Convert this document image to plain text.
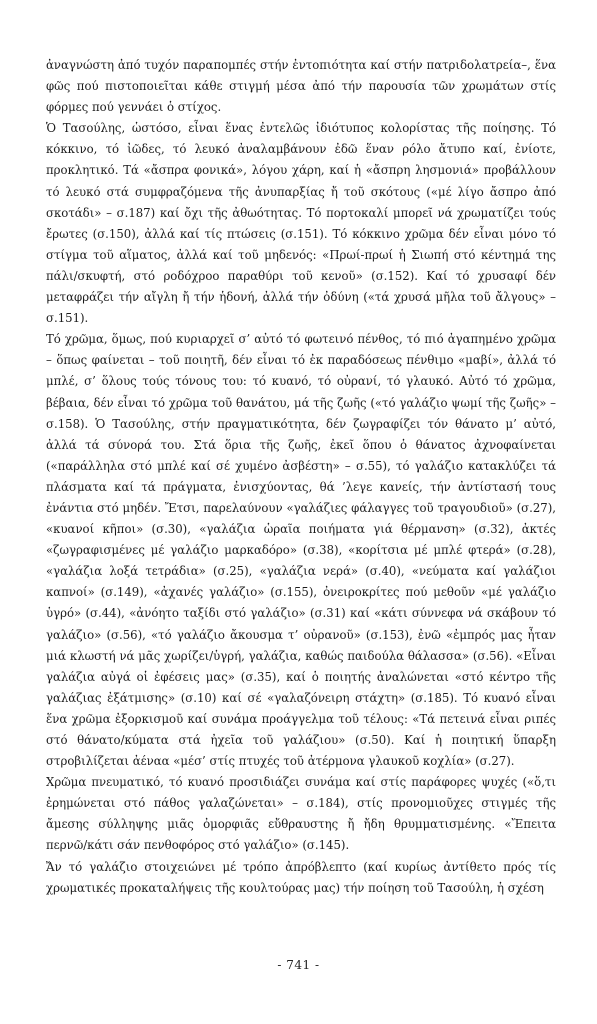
ἀναγνώστη ἀπό τυχόν παραπομπές στήν ἐντοπιότητα καί στήν πατριδολατρεία–, ἕνα φῶς πού πιστοποιεῖται κάθε στιγμή μέσα ἀπό τήν παρουσία τῶν χρωμάτων στίς φόρμες πού γεννάει ὁ στίχος.

Ὁ Τασούλης, ὡστόσο, εἶναι ἕνας ἐντελῶς ἰδιότυπος κολορίστας τῆς ποίησης. Τό κόκκινο, τό ἰῶδες, τό λευκό ἀναλαμβάνουν ἐδῶ ἕναν ρόλο ἄτυπο καί, ἐνίοτε, προκλητικό. Τά «ἄσπρα φονικά», λόγου χάρη, καί ἡ «ἄσπρη λησμονιά» προβάλλουν τό λευκό στά συμφραζόμενα τῆς ἀνυπαρξίας ἤ τοῦ σκότους («μέ λίγο ἄσπρο ἀπό σκοτάδι» – σ.187) καί ὄχι τῆς ἀθωότητας. Τό πορτοκαλί μπορεῖ νά χρωματίζει τούς ἔρωτες (σ.150), ἀλλά καί τίς πτώσεις (σ.151). Τό κόκκινο χρῶμα δέν εἶναι μόνο τό στίγμα τοῦ αἵματος, ἀλλά καί τοῦ μηδενός: «Πρωί-πρωί ἡ Σιωπή στό κέντημά της πάλι/σκυφτή, στό ροδόχροο παραθύρι τοῦ κενοῦ» (σ.152). Καί τό χρυσαφί δέν μεταφράζει τήν αἴγλη ἤ τήν ἡδονή, ἀλλά τήν ὀδύνη («τά χρυσά μῆλα τοῦ ἄλγους» – σ.151).

Τό χρῶμα, ὅμως, πού κυριαρχεῖ σ’ αὐτό τό φωτεινό πένθος, τό πιό ἀγαπημένο χρῶμα – ὅπως φαίνεται – τοῦ ποιητῆ, δέν εἶναι τό ἐκ παραδόσεως πένθιμο «μαβί», ἀλλά τό μπλέ, σ’ ὅλους τούς τόνους του: τό κυανό, τό οὐρανί, τό γλαυκό. Αὐτό τό χρῶμα, βέβαια, δέν εἶναι τό χρῶμα τοῦ θανάτου, μά τῆς ζωῆς («τό γαλάζιο ψωμί τῆς ζωῆς» – σ.158). Ὁ Τασούλης, στήν πραγματικότητα, δέν ζωγραφίζει τόν θάνατο μ’ αὐτό, ἀλλά τά σύνορά του. Στά ὅρια τῆς ζωῆς, ἐκεῖ ὅπου ὁ θάνατος ἀχνοφαίνεται («παράλληλα στό μπλέ καί σέ χυμένο ἀσβέστη» – σ.55), τό γαλάζιο κατακλύζει τά πλάσματα καί τά πράγματα, ἐνισχύοντας, θά ’λεγε κανείς, τήν ἀντίστασή τους ἐνάντια στό μηδέν. Ἔτσι, παρελαύνουν «γαλάζιες φάλαγγες τοῦ τραγουδιοῦ» (σ.27), «κυανοί κῆποι» (σ.30), «γαλάζια ὡραῖα ποιήματα γιά θέρμανση» (σ.32), ἀκτές «ζωγραφισμένες μέ γαλάζιο μαρκαδόρο» (σ.38), «κορίτσια μέ μπλέ φτερά» (σ.28), «γαλάζια λοξά τετράδια» (σ.25), «γαλάζια νερά» (σ.40), «νεύματα καί γαλάζιοι καπνοί» (σ.149), «ἀχανές γαλάζιο» (σ.155), ὀνειροκρίτες πού μεθοῦν «μέ γαλάζιο ὑγρό» (σ.44), «ἀνόητο ταξίδι στό γαλάζιο» (σ.31) καί «κάτι σύννεφα νά σκάβουν τό γαλάζιο» (σ.56), «τό γαλάζιο ἄκουσμα τ’ οὐρανοῦ» (σ.153), ἐνῶ «ἐμπρός μας ἦταν μιά κλωστή νά μᾶς χωρίζει/ὑγρή, γαλάζια, καθώς παιδούλα θάλασσα» (σ.56). «Εἶναι γαλάζια αὐγά οἱ ἐφέσεις μας» (σ.35), καί ὁ ποιητής ἀναλώνεται «στό κέντρο τῆς γαλάζιας ἐξάτμισης» (σ.10) καί σέ «γαλαζόνειρη στάχτη» (σ.185). Τό κυανό εἶναι ἕνα χρῶμα ἐξορκισμοῦ καί συνάμα προάγγελμα τοῦ τέλους: «Τά πετεινά εἶναι ριπές στό θάνατο/κύματα στά ἠχεῖα τοῦ γαλάζιου» (σ.50). Καί ἡ ποιητική ὕπαρξη στροβιλίζεται ἀέναα «μέσ’ στίς πτυχές τοῦ ἀτέρμονα γλαυκοῦ κοχλία» (σ.27).

Χρῶμα πνευματικό, τό κυανό προσιδιάζει συνάμα καί στίς παράφορες ψυχές («ὅ,τι ἐρημώνεται στό πάθος γαλαζώνεται» – σ.184), στίς προνομιοῦχες στιγμές τῆς ἄμεσης σύλληψης μιᾶς ὀμορφιᾶς εὔθραυστης ἤ ἤδη θρυμματισμένης. «Ἔπειτα περνῶ/κάτι σάν πενθοφόρος στό γαλάζιο» (σ.145).

Ἄν τό γαλάζιο στοιχειώνει μέ τρόπο ἀπρόβλεπτο (καί κυρίως ἀντίθετο πρός τίς χρωματικές προκαταλήψεις τῆς κουλτούρας μας) τήν ποίηση τοῦ Τασούλη, ἡ σχέση

- 741 -
